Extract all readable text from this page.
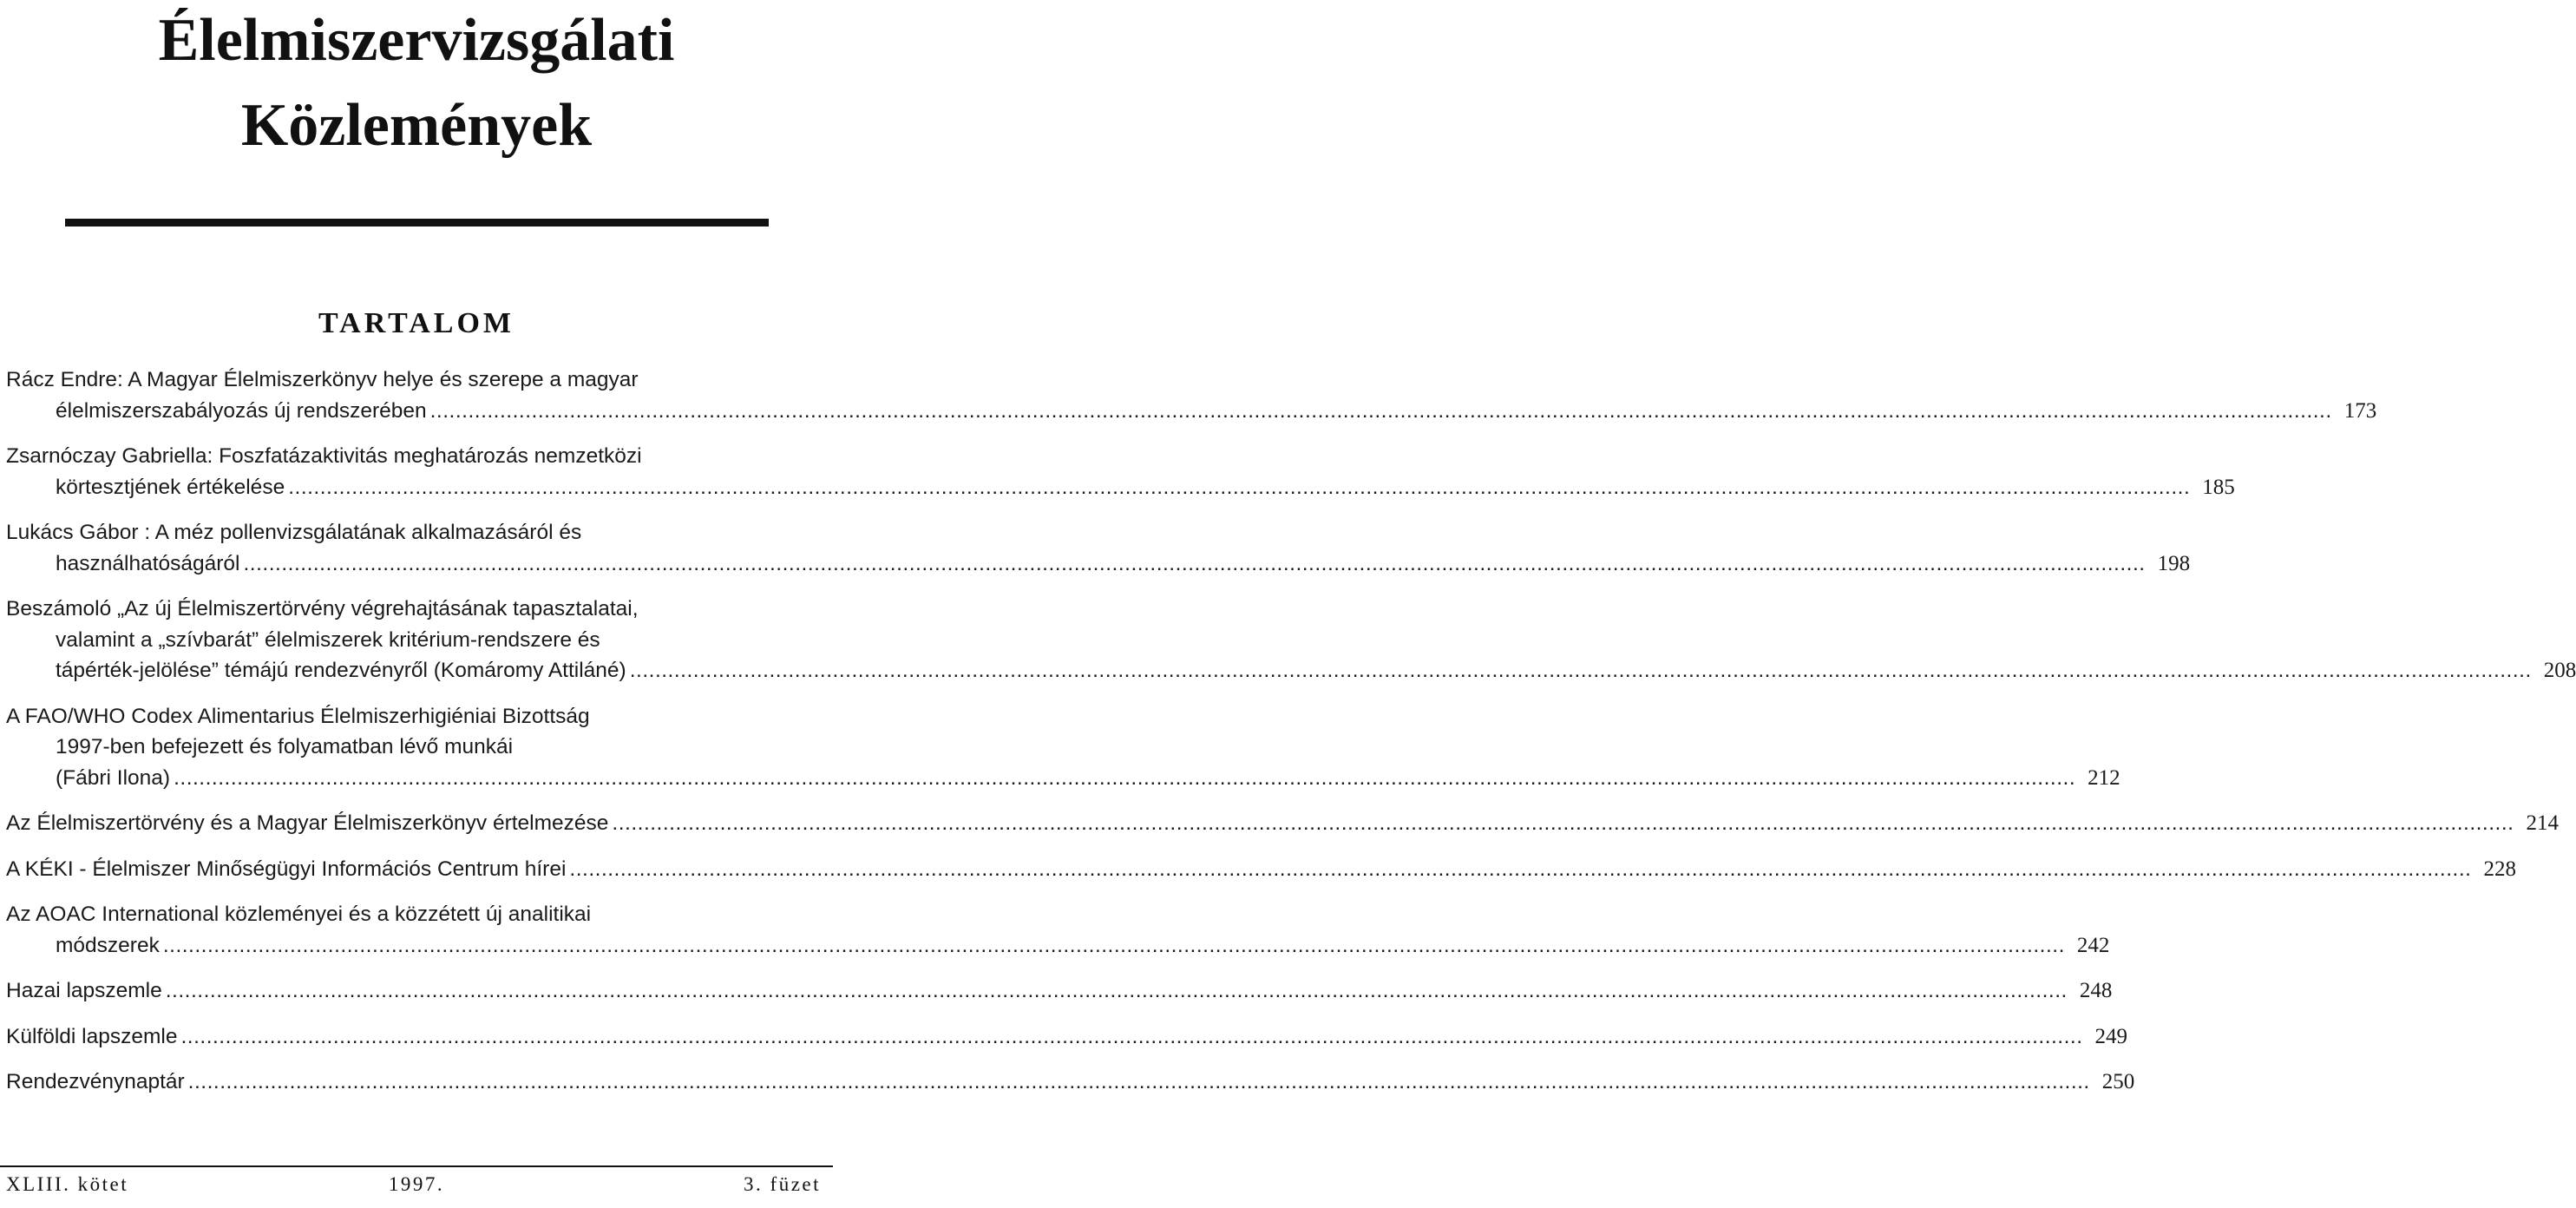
Élelmiszervizsgálati
Közlemények
TARTALOM
Rácz Endre: A Magyar Élelmiszerkönyv helye és szerepe a magyar
élelmiszerszabályozás új rendszerében ............................................................................................................................................................................................................................................................................................................ 173
Zsarnóczay Gabriella: Foszfatázaktivitás meghatározás nemzetközi
körtesztjének értékelése ............................................................................................................................................................................................................................................................................................................ 185
Lukács Gábor : A méz pollenvizsgálatának alkalmazásáról és
használhatóságáról ............................................................................................................................................................................................................................................................................................................ 198
Beszámoló „Az új Élelmiszertörvény végrehajtásának tapasztalatai,
valamint a „szívbarát” élelmiszerek kritérium-rendszere és
tápérték-jelölése” témájú rendezvényről (Komáromy Attiláné) ............................................................................................................................................................................................................................................................................................................ 208
A FAO/WHO Codex Alimentarius Élelmiszerhigiéniai Bizottság
1997-ben befejezett és folyamatban lévő munkái
(Fábri Ilona) ............................................................................................................................................................................................................................................................................................................ 212
Az Élelmiszertörvény és a Magyar Élelmiszerkönyv értelmezése ............................................................................................................................................................................................................................................................................................................ 214
A KÉKI - Élelmiszer Minőségügyi Információs Centrum hírei ............................................................................................................................................................................................................................................................................................................ 228
Az AOAC International közleményei és a közzétett új analitikai
módszerek ............................................................................................................................................................................................................................................................................................................ 242
Hazai lapszemle ............................................................................................................................................................................................................................................................................................................ 248
Külföldi lapszemle ............................................................................................................................................................................................................................................................................................................ 249
Rendezvénynaptár ............................................................................................................................................................................................................................................................................................................ 250
XLIII. kötet	1997.	3. füzet
